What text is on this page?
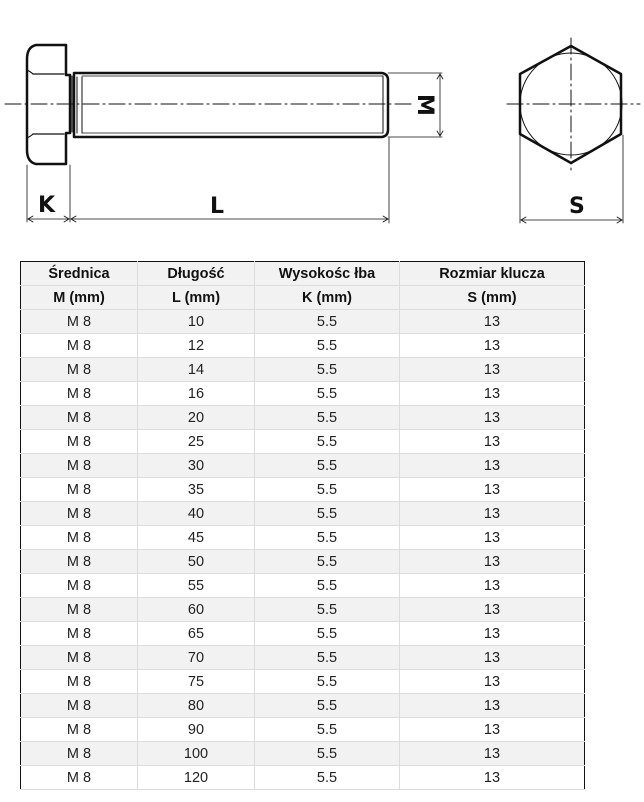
K	L
M
S
Średnica	Długość	Wysokośc łba	Rozmiar klucza
M (mm)	L (mm)	K (mm)	S (mm)
M 8	10	5.5	13
M 8	12	5.5	13
M 8	14	5.5	13
M 8	16	5.5	13
M 8	20	5.5	13
M 8	25	5.5	13
M 8	30	5.5	13
M 8	35	5.5	13
M 8	40	5.5	13
M 8	45	5.5	13
M 8	50	5.5	13
M 8	55	5.5	13
M 8	60	5.5	13
M 8	65	5.5	13
M 8	70	5.5	13
M 8	75	5.5	13
M 8	80	5.5	13
M 8	90	5.5	13
M 8	100	5.5	13
M 8	120	5.5	13
